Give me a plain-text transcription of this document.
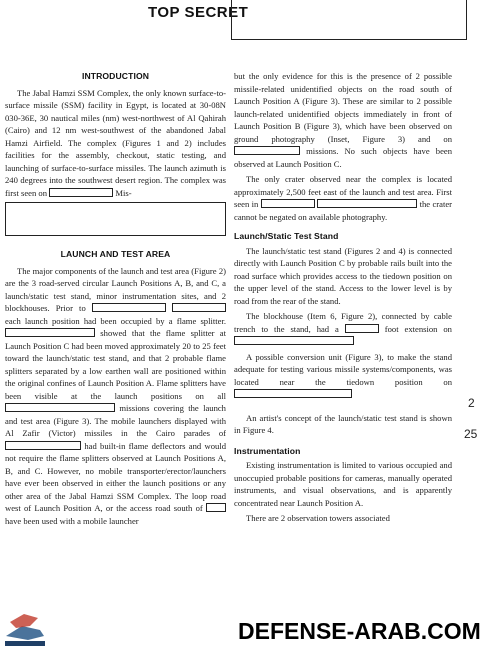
TOP SECRET
INTRODUCTION

The Jabal Hamzi SSM Complex, the only known surface-to-surface missile (SSM) facility in Egypt, is located at 30-08N 030-36E, 30 nautical miles (nm) west-northwest of Al Qahirah (Cairo) and 12 nm west-southwest of the abandoned Jabal Hamzi Airfield. The complex (Figures 1 and 2) includes facilities for the assembly, checkout, static testing, and launching of surface-to-surface missiles. The launch azimuth is 240 degrees into the southwest desert region. The complex was first seen on	Mis-

LAUNCH AND TEST AREA

The major components of the launch and test area (Figure 2) are the 3 road-served circular Launch Positions A, B, and C, a launch/static test stand, minor instrumentation sites, and 2 blockhouses. Prior to   each launch position had been occupied by a flame splitter.  showed that the flame splitter at Launch Position C had been moved approximately 20 to 25 feet toward the launch/static test stand, and that 2 probable flame splitters separated by a low earthen wall are positioned within the original confines of Launch Position A. Flame splitters have been visible at the launch positions on all  missions covering the launch and test area (Figure 3). The mobile launchers displayed with Al Zafir (Victor) missiles in the Cairo parades of  had built-in flame deflectors and would not require the flame splitters observed at Launch Positions A, B, and C. However, no mobile transporter/erector/launchers have ever been observed in either the launch positions or any other area of the Jabal Hamzi SSM Complex. The loop road west of Launch Position A, or the access road south of  have been used with a mobile launcher

but the only evidence for this is the presence of 2 possible missile-related unidentified objects on the road south of Launch Position A (Figure 3). These are similar to 2 possible launch-related unidentified objects immediately in front of Launch Position B (Figure 3), which have been observed on ground photography (Inset, Figure 3) and on  missions. No such objects have been observed at Launch Position C.

The only crater observed near the complex is located approximately 2,500 feet east of the launch and test area. First seen in	the crater cannot be negated on available photography.

Launch/Static Test Stand

The launch/static test stand (Figures 2 and 4) is connected directly with Launch Position C by probable rails built into the road surface which provides access to the tiedown position on the upper level of the stand. Access to the lower level is by road from the rear of the stand.

The blockhouse (Item 6, Figure 2), connected by cable trench to the stand, had a	foot extension on

A possible conversion unit (Figure 3), to make the stand adequate for testing various missile systems/components, was located near the tiedown position on

An artist's concept of the launch/static test stand is shown in Figure 4.

Instrumentation

Existing instrumentation is limited to various occupied and unoccupied probable positions for cameras, manually operated instruments, and visual observations, and is apparently concentrated near Launch Position A.

There are 2 observation towers associated

2
25
DEFENSE-ARAB.COM
